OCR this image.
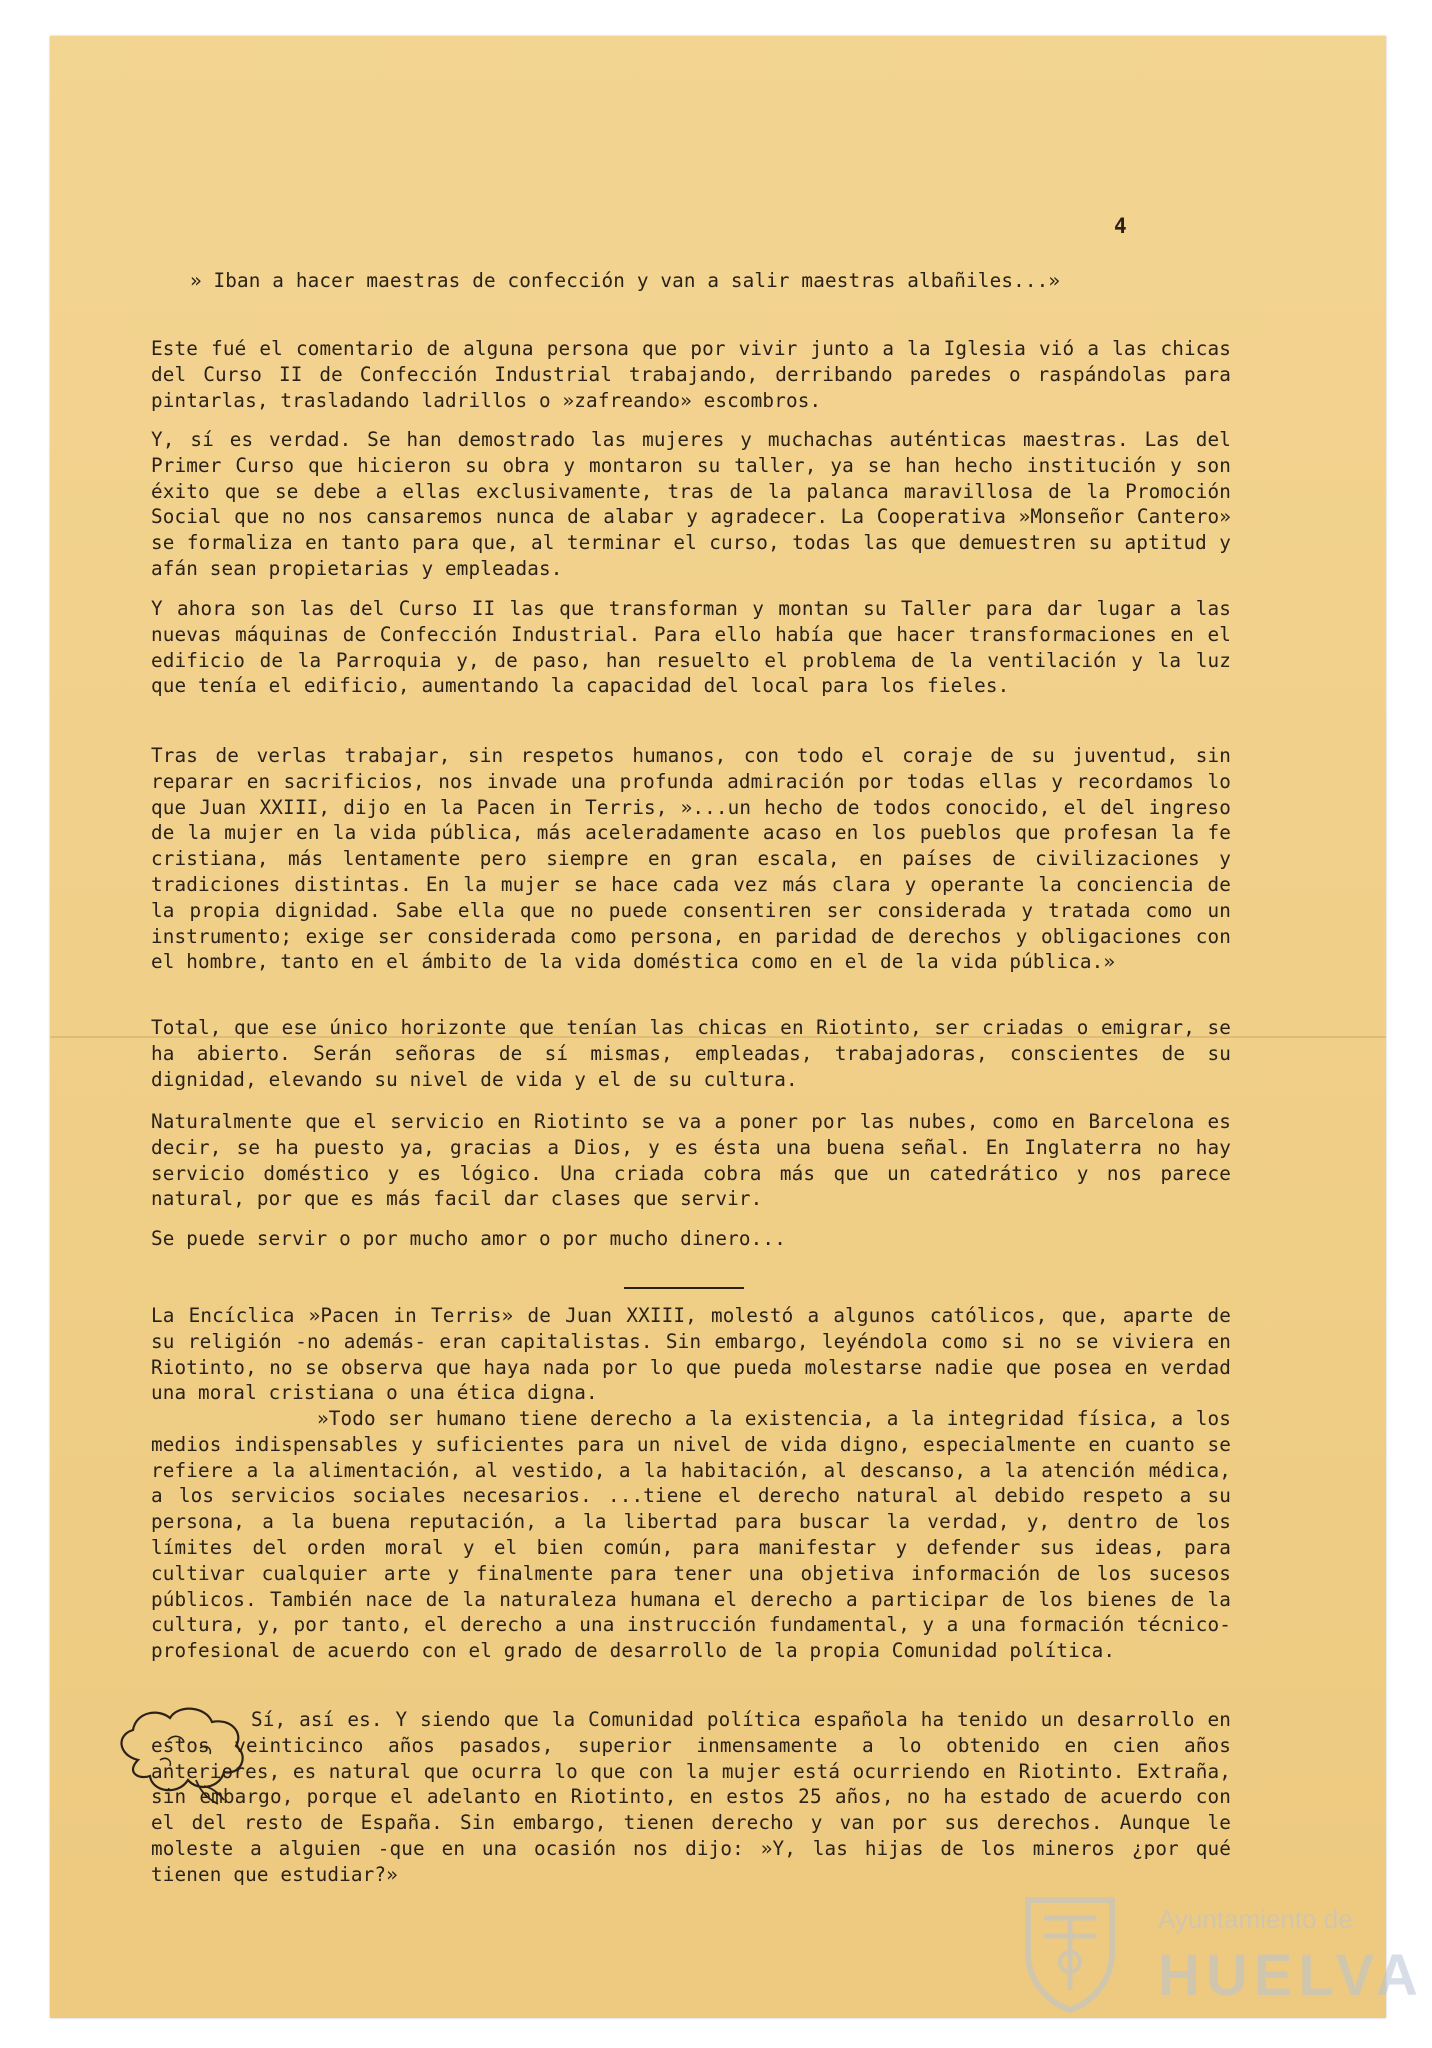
4

» Iban a hacer maestras de confección y van a salir maestras albañiles...»

Este fué el comentario de alguna persona que por vivir junto a la Iglesia vió a las chicas del Curso II de Confección Industrial trabajando, derribando paredes o raspándolas para pintarlas, trasladando ladrillos o »zafreando» escombros.

Y, sí es verdad. Se han demostrado las mujeres y muchachas auténticas maestras. Las del Primer Curso que hicieron su obra y montaron su taller, ya se han hecho institución y son éxito que se debe a ellas exclusivamente, tras de la palanca maravillosa de la Promoción Social que no nos cansaremos nunca de alabar y agradecer. La Cooperativa »Monseñor Cantero» se formaliza en tanto para que, al terminar el curso, todas las que demuestren su aptitud y afán sean propietarias y empleadas.

Y ahora son las del Curso II las que transforman y montan su Taller para dar lugar a las nuevas máquinas de Confección Industrial. Para ello había que hacer transformaciones en el edificio de la Parroquia y, de paso, han resuelto el problema de la ventilación y la luz que tenía el edificio, aumentando la capacidad del local para los fieles.

Tras de verlas trabajar, sin respetos humanos, con todo el coraje de su juventud, sin reparar en sacrificios, nos invade una profunda admiración por todas ellas y recordamos lo que Juan XXIII, dijo en la Pacen in Terris, »...un hecho de todos conocido, el del ingreso de la mujer en la vida pública, más aceleradamente acaso en los pueblos que profesan la fe cristiana, más lentamente pero siempre en gran escala, en países de civilizaciones y tradiciones distintas. En la mujer se hace cada vez más clara y operante la conciencia de la propia dignidad. Sabe ella que no puede consentiren ser considerada y tratada como un instrumento; exige ser considerada como persona, en paridad de derechos y obligaciones con el hombre, tanto en el ámbito de la vida doméstica como en el de la vida pública.»

Total, que ese único horizonte que tenían las chicas en Riotinto, ser criadas o emigrar, se ha abierto. Serán señoras de sí mismas, empleadas, trabajadoras, conscientes de su dignidad, elevando su nivel de vida y el de su cultura.

Naturalmente que el servicio en Riotinto se va a poner por las nubes, como en Barcelona es decir, se ha puesto ya, gracias a Dios, y es ésta una buena señal. En Inglaterra no hay servicio doméstico y es lógico. Una criada cobra más que un catedrático y nos parece natural, por que es más facil dar clases que servir.

Se puede servir o por mucho amor o por mucho dinero...

La Encíclica »Pacen in Terris» de Juan XXIII, molestó a algunos católicos, que, aparte de su religión -no además- eran capitalistas. Sin embargo, leyéndola como si no se viviera en Riotinto, no se observa que haya nada por lo que pueda molestarse nadie que posea en verdad una moral cristiana o una ética digna.

»Todo ser humano tiene derecho a la existencia, a la integridad física, a los medios indispensables y suficientes para un nivel de vida digno, especialmente en cuanto se refiere a la alimentación, al vestido, a la habitación, al descanso, a la atención médica, a los servicios sociales necesarios. ...tiene el derecho natural al debido respeto a su persona, a la buena reputación, a la libertad para buscar la verdad, y, dentro de los límites del orden moral y el bien común, para manifestar y defender sus ideas, para cultivar cualquier arte y finalmente para tener una objetiva información de los sucesos públicos. También nace de la naturaleza humana el derecho a participar de los bienes de la cultura, y, por tanto, el derecho a una instrucción fundamental, y a una formación técnico-profesional de acuerdo con el grado de desarrollo de la propia Comunidad política.

Sí, así es. Y siendo que la Comunidad política española ha tenido un desarrollo en estos veinticinco años pasados, superior inmensamente a lo obtenido en cien años anteriores, es natural que ocurra lo que con la mujer está ocurriendo en Riotinto. Extraña, sin embargo, porque el adelanto en Riotinto, en estos 25 años, no ha estado de acuerdo con el del resto de España. Sin embargo, tienen derecho y van por sus derechos. Aunque le moleste a alguien -que en una ocasión nos dijo: »Y, las hijas de los mineros ¿por qué tienen que estudiar?»

Ayuntamiento de
HUELVA
